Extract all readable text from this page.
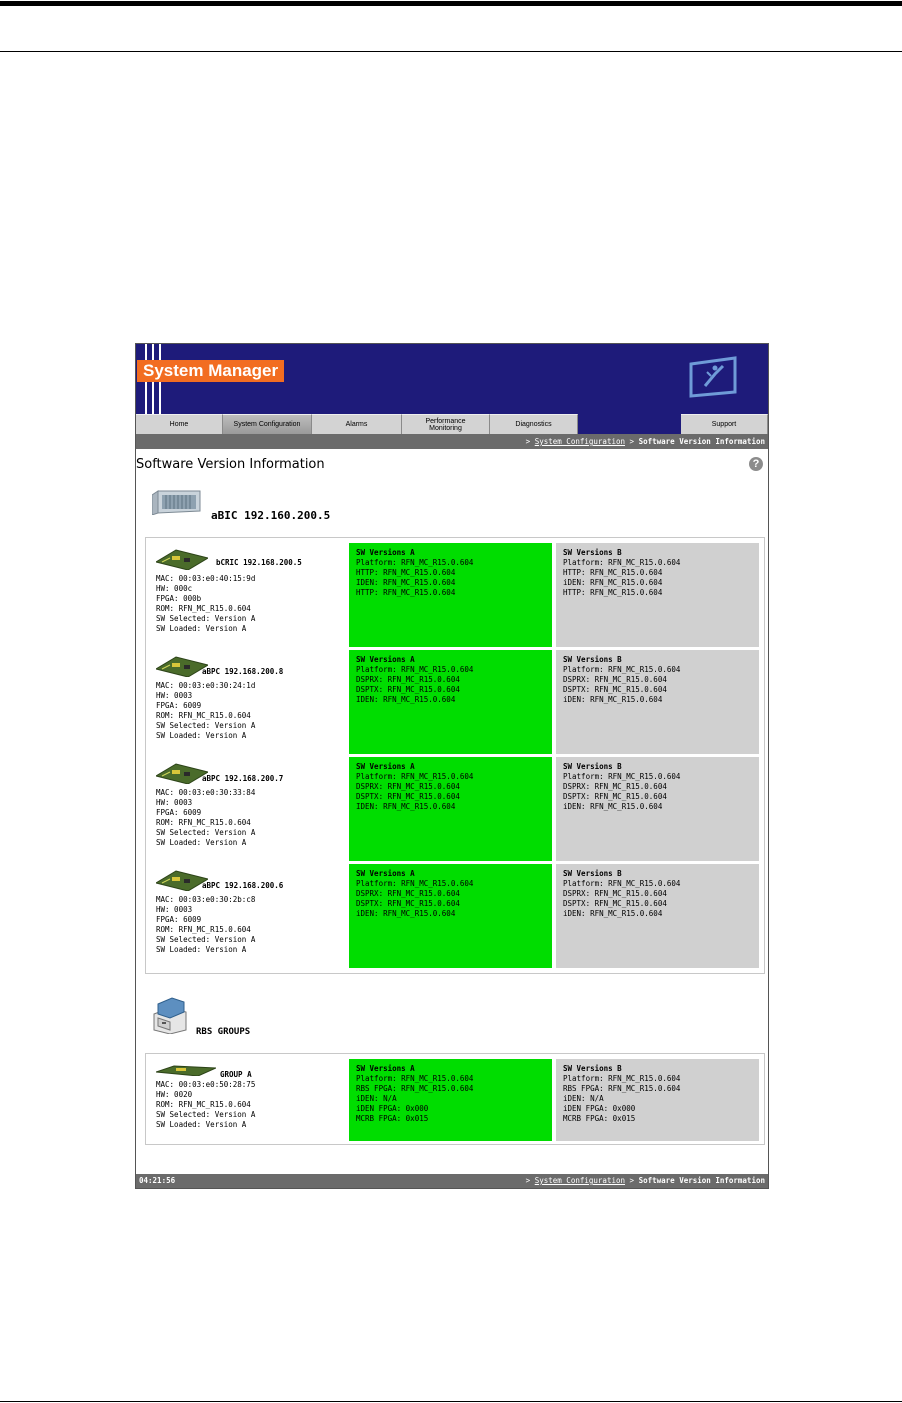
System Manager
Home	System Configuration	Alarms	Performance Monitoring	Diagnostics	Support
> System Configuration > Software Version Information
Software Version Information	?
aBIC 192.160.200.5
bCRIC 192.168.200.5
MAC: 00:03:e0:40:15:9d
HW: 000c
FPGA: 000b
ROM: RFN_MC_R15.0.604
SW Selected: Version A
SW Loaded: Version A
SW Versions A
Platform: RFN_MC_R15.0.604
HTTP: RFN_MC_R15.0.604
IDEN: RFN_MC_R15.0.604
HTTP: RFN_MC_R15.0.604
SW Versions B
Platform: RFN_MC_R15.0.604
HTTP: RFN_MC_R15.0.604
iDEN: RFN_MC_R15.0.604
HTTP: RFN_MC_R15.0.604
aBPC 192.168.200.8
MAC: 00:03:e0:30:24:1d
HW: 0003
FPGA: 6009
ROM: RFN_MC_R15.0.604
SW Selected: Version A
SW Loaded: Version A
SW Versions A
Platform: RFN_MC_R15.0.604
DSPRX: RFN_MC_R15.0.604
DSPTX: RFN_MC_R15.0.604
IDEN: RFN_MC_R15.0.604
SW Versions B
Platform: RFN_MC_R15.0.604
DSPRX: RFN_MC_R15.0.604
DSPTX: RFN_MC_R15.0.604
iDEN: RFN_MC_R15.0.604
aBPC 192.168.200.7
MAC: 00:03:e0:30:33:84
HW: 0003
FPGA: 6009
ROM: RFN_MC_R15.0.604
SW Selected: Version A
SW Loaded: Version A
SW Versions A
Platform: RFN_MC_R15.0.604
DSPRX: RFN_MC_R15.0.604
DSPTX: RFN_MC_R15.0.604
IDEN: RFN_MC_R15.0.604
SW Versions B
Platform: RFN_MC_R15.0.604
DSPRX: RFN_MC_R15.0.604
DSPTX: RFN_MC_R15.0.604
iDEN: RFN_MC_R15.0.604
aBPC 192.168.200.6
MAC: 00:03:e0:30:2b:c8
HW: 0003
FPGA: 6009
ROM: RFN_MC_R15.0.604
SW Selected: Version A
SW Loaded: Version A
SW Versions A
Platform: RFN_MC_R15.0.604
DSPRX: RFN_MC_R15.0.604
DSPTX: RFN_MC_R15.0.604
iDEN: RFN_MC_R15.0.604
SW Versions B
Platform: RFN_MC_R15.0.604
DSPRX: RFN_MC_R15.0.604
DSPTX: RFN_MC_R15.0.604
iDEN: RFN_MC_R15.0.604
RBS GROUPS
GROUP A
MAC: 00:03:e0:50:28:75
HW: 0020
ROM: RFN_MC_R15.0.604
SW Selected: Version A
SW Loaded: Version A
SW Versions A
Platform: RFN_MC_R15.0.604
RBS FPGA: RFN_MC_R15.0.604
iDEN: N/A
iDEN FPGA: 0x000
MCRB FPGA: 0x015
SW Versions B
Platform: RFN_MC_R15.0.604
RBS FPGA: RFN_MC_R15.0.604
iDEN: N/A
iDEN FPGA: 0x000
MCRB FPGA: 0x015
04:21:56	> System Configuration > Software Version Information
